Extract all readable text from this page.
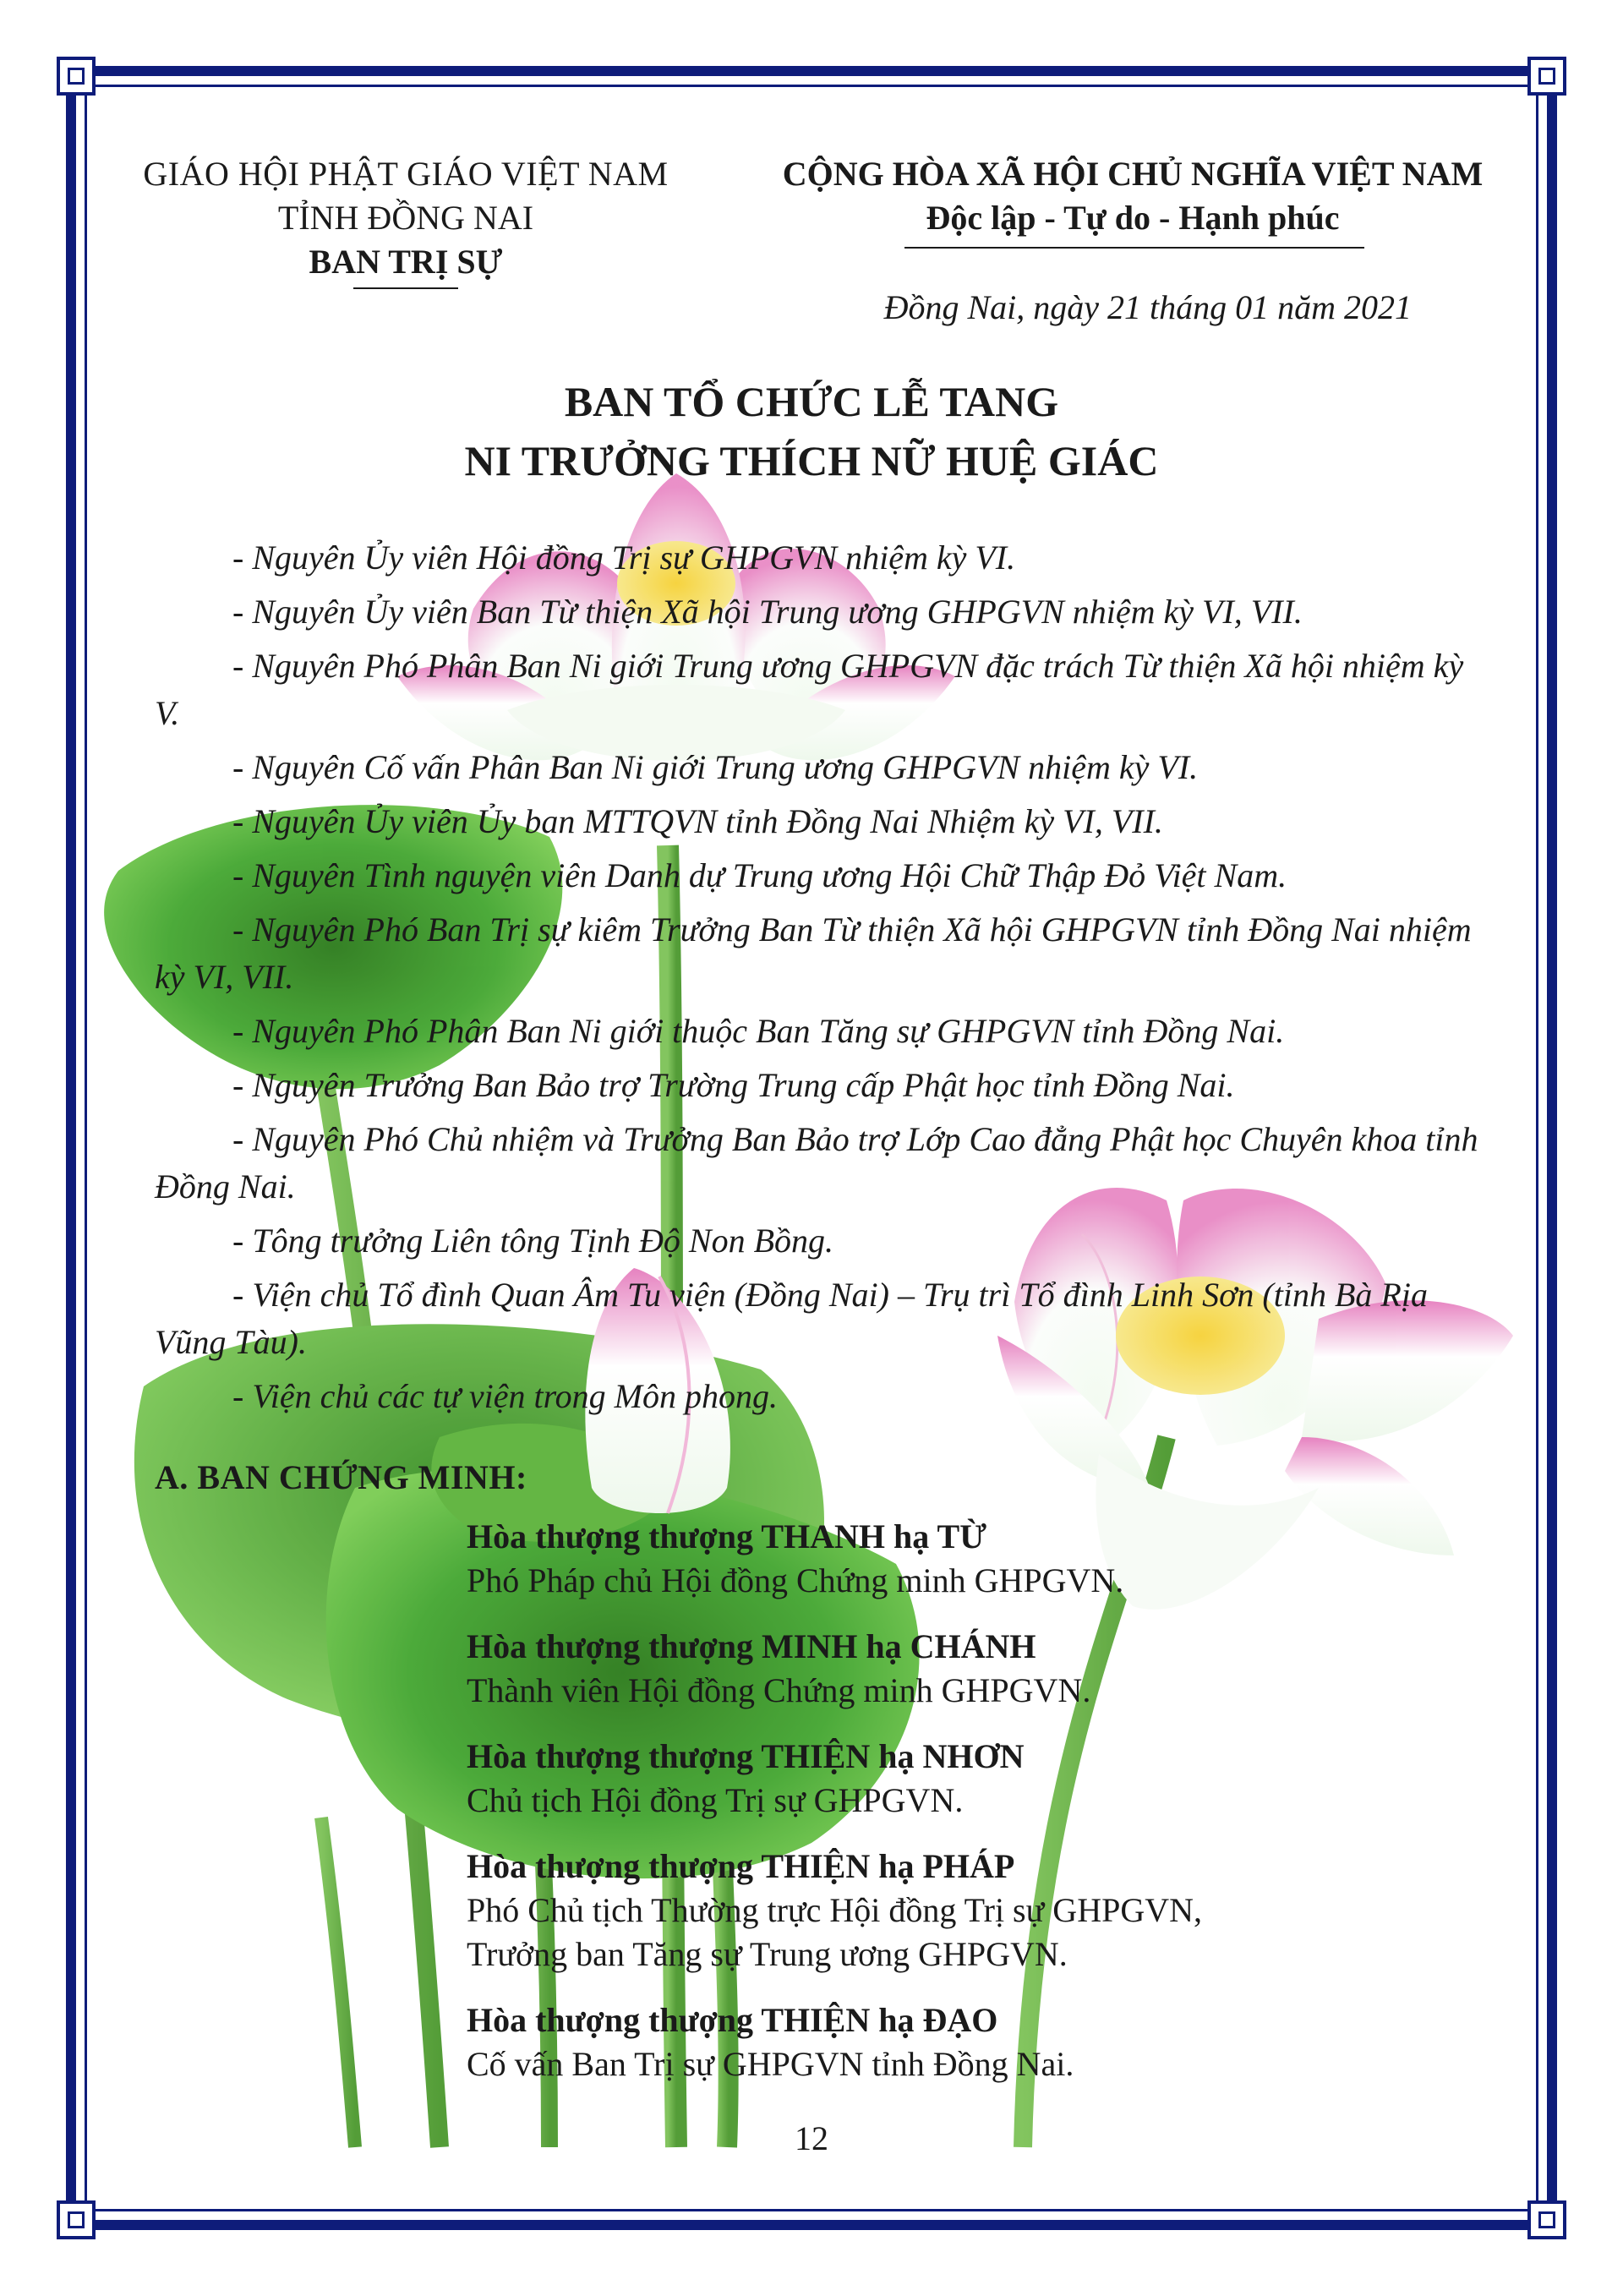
GIÁO HỘI PHẬT GIÁO VIỆT NAM
TỈNH ĐỒNG NAI
BAN TRỊ SỰ
CỘNG HÒA XÃ HỘI CHỦ NGHĨA VIỆT NAM
Độc lập - Tự do - Hạnh phúc
Đồng Nai, ngày 21 tháng 01 năm 2021
BAN TỔ CHỨC LỄ TANG
NI TRƯỞNG THÍCH NỮ HUỆ GIÁC

- Nguyên Ủy viên Hội đồng Trị sự GHPGVN nhiệm kỳ VI.

- Nguyên Ủy viên Ban Từ thiện Xã hội Trung ương GHPGVN nhiệm kỳ VI, VII.

- Nguyên Phó Phân Ban Ni giới Trung ương GHPGVN đặc trách Từ thiện Xã hội nhiệm kỳ V.

- Nguyên Cố vấn Phân Ban Ni giới Trung ương GHPGVN nhiệm kỳ VI.

- Nguyên Ủy viên Ủy ban MTTQVN tỉnh Đồng Nai Nhiệm kỳ VI, VII.

- Nguyên Tình nguyện viên Danh dự Trung ương Hội Chữ Thập Đỏ Việt Nam.

- Nguyên Phó Ban Trị sự kiêm Trưởng Ban Từ thiện Xã hội GHPGVN tỉnh Đồng Nai nhiệm kỳ VI, VII.

- Nguyên Phó Phân Ban Ni giới thuộc Ban Tăng sự GHPGVN tỉnh Đồng Nai.

- Nguyên Trưởng Ban Bảo trợ Trường Trung cấp Phật học tỉnh Đồng Nai.

- Nguyên Phó Chủ nhiệm và Trưởng Ban Bảo trợ Lớp Cao đẳng Phật học Chuyên khoa tỉnh Đồng Nai.

- Tông trưởng Liên tông Tịnh Độ Non Bồng.

- Viện chủ Tổ đình Quan Âm Tu viện (Đồng Nai) – Trụ trì Tổ đình Linh Sơn (tỉnh Bà Rịa Vũng Tàu).

- Viện chủ các tự viện trong Môn phong.

A. BAN CHỨNG MINH:
Hòa thượng thượng THANH hạ TỪ
Phó Pháp chủ Hội đồng Chứng minh GHPGVN.
Hòa thượng thượng MINH hạ CHÁNH
Thành viên Hội đồng Chứng minh GHPGVN.
Hòa thượng thượng THIỆN hạ NHƠN
Chủ tịch Hội đồng Trị sự GHPGVN.
Hòa thượng thượng THIỆN hạ PHÁP
Phó Chủ tịch Thường trực Hội đồng Trị sự GHPGVN,
Trưởng ban Tăng sự Trung ương GHPGVN.
Hòa thượng thượng THIỆN hạ ĐẠO
Cố vấn Ban Trị sự GHPGVN tỉnh Đồng Nai.
12
